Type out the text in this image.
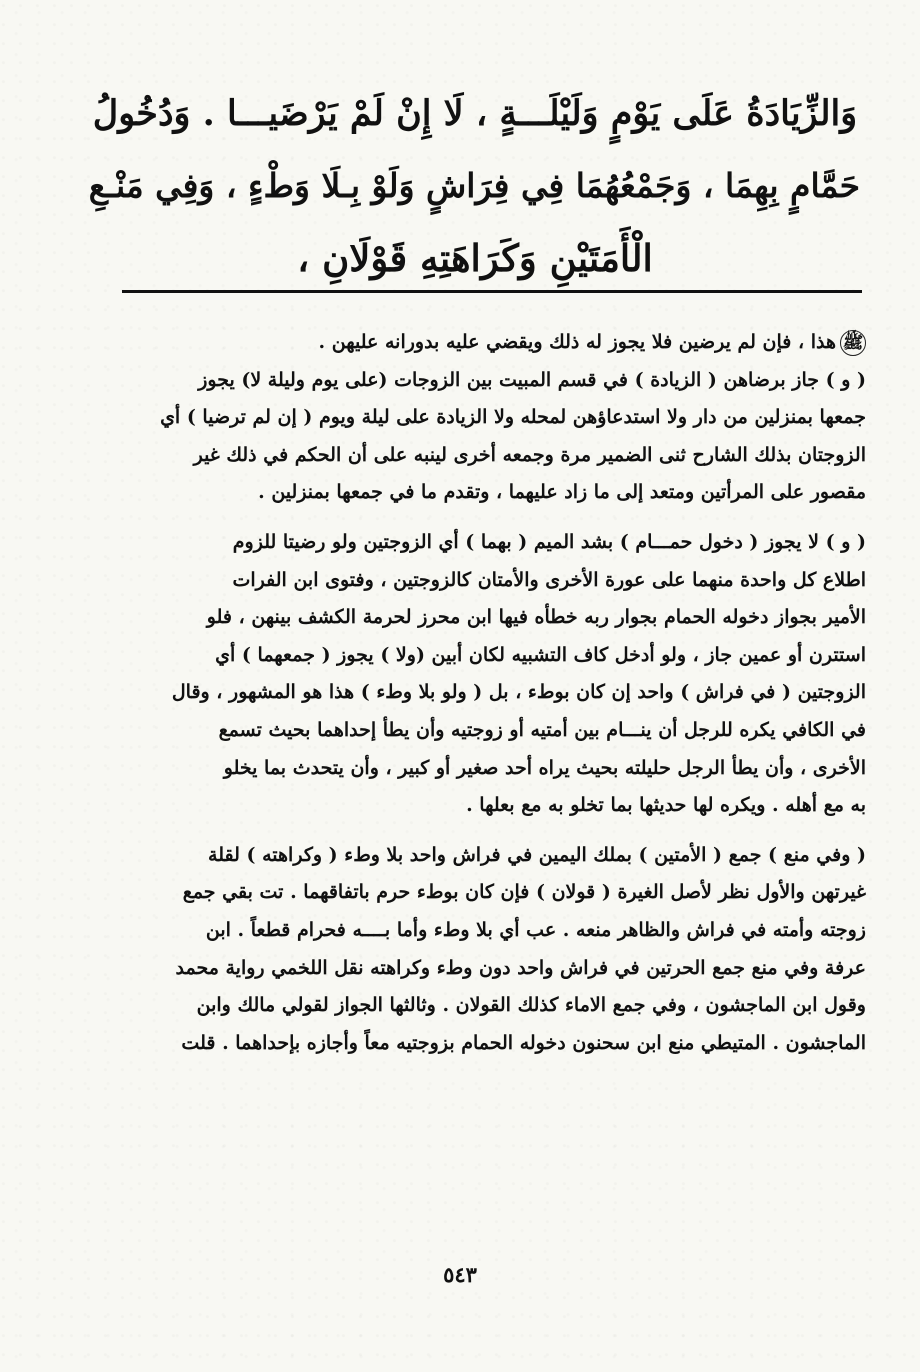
وَالزِّيَادَةُ عَلَى يَوْمٍ وَلَيْلَـــةٍ ، لَا إِنْ لَمْ يَرْضَيـــا . وَدُخُولُ
حَمَّامٍ بِهِمَا ، وَجَمْعُهُمَا فِي فِرَاشٍ وَلَوْ بِـلَا وَطْءٍ ، وَفِي مَنْـعِ
الْأَمَتَيْنِ وَكَرَاهَتِهِ قَوْلَانِ ،
ﷺهذا ، فإن لم يرضين فلا يجوز له ذلك ويقضي عليه بدورانه عليهن .
( و ) جاز برضاهن ( الزيادة ) في قسم المبيت بين الزوجات (على يوم وليلة لا) يجوز
جمعها بمنزلين من دار ولا استدعاؤهن لمحله ولا الزيادة على ليلة ويوم ( إن لم ترضيا ) أي
الزوجتان بذلك الشارح ثنى الضمير مرة وجمعه أخرى لينبه على أن الحكم في ذلك غير
مقصور على المرأتين ومتعد إلى ما زاد عليهما ، وتقدم ما في جمعها بمنزلين .
( و ) لا يجوز ( دخول حمـــام ) بشد الميم ( بهما ) أي الزوجتين ولو رضيتا للزوم
اطلاع كل واحدة منهما على عورة الأخرى والأمتان كالزوجتين ، وفتوى ابن الفرات
الأمير بجواز دخوله الحمام بجوار ربه خطأه فيها ابن محرز لحرمة الكشف بينهن ، فلو
استترن أو عمين جاز ، ولو أدخل كاف التشبيه لكان أبين (ولا ) يجوز ( جمعهما ) أي
الزوجتين ( في فراش ) واحد إن كان بوطء ، بل ( ولو بلا وطء ) هذا هو المشهور ، وقال
في الكافي يكره للرجل أن ينـــام بين أمتيه أو زوجتيه وأن يطأ إحداهما بحيث تسمع
الأخرى ، وأن يطأ الرجل حليلته بحيث يراه أحد صغير أو كبير ، وأن يتحدث بما يخلو
به مع أهله . ويكره لها حديثها بما تخلو به مع بعلها .
( وفي منع ) جمع ( الأمتين ) بملك اليمين في فراش واحد بلا وطء ( وكراهته ) لقلة
غيرتهن والأول نظر لأصل الغيرة ( قولان ) فإن كان بوطء حرم باتفاقهما . تت بقي جمع
زوجته وأمته في فراش والظاهر منعه . عب أي بلا وطء وأما بــــه فحرام قطعاً . ابن
عرفة وفي منع جمع الحرتين في فراش واحد دون وطء وكراهته نقل اللخمي رواية محمد
وقول ابن الماجشون ، وفي جمع الاماء كذلك القولان . وثالثها الجواز لقولي مالك وابن
الماجشون . المتيطي منع ابن سحنون دخوله الحمام بزوجتيه معاً وأجازه بإحداهما . قلت
٥٤٣
